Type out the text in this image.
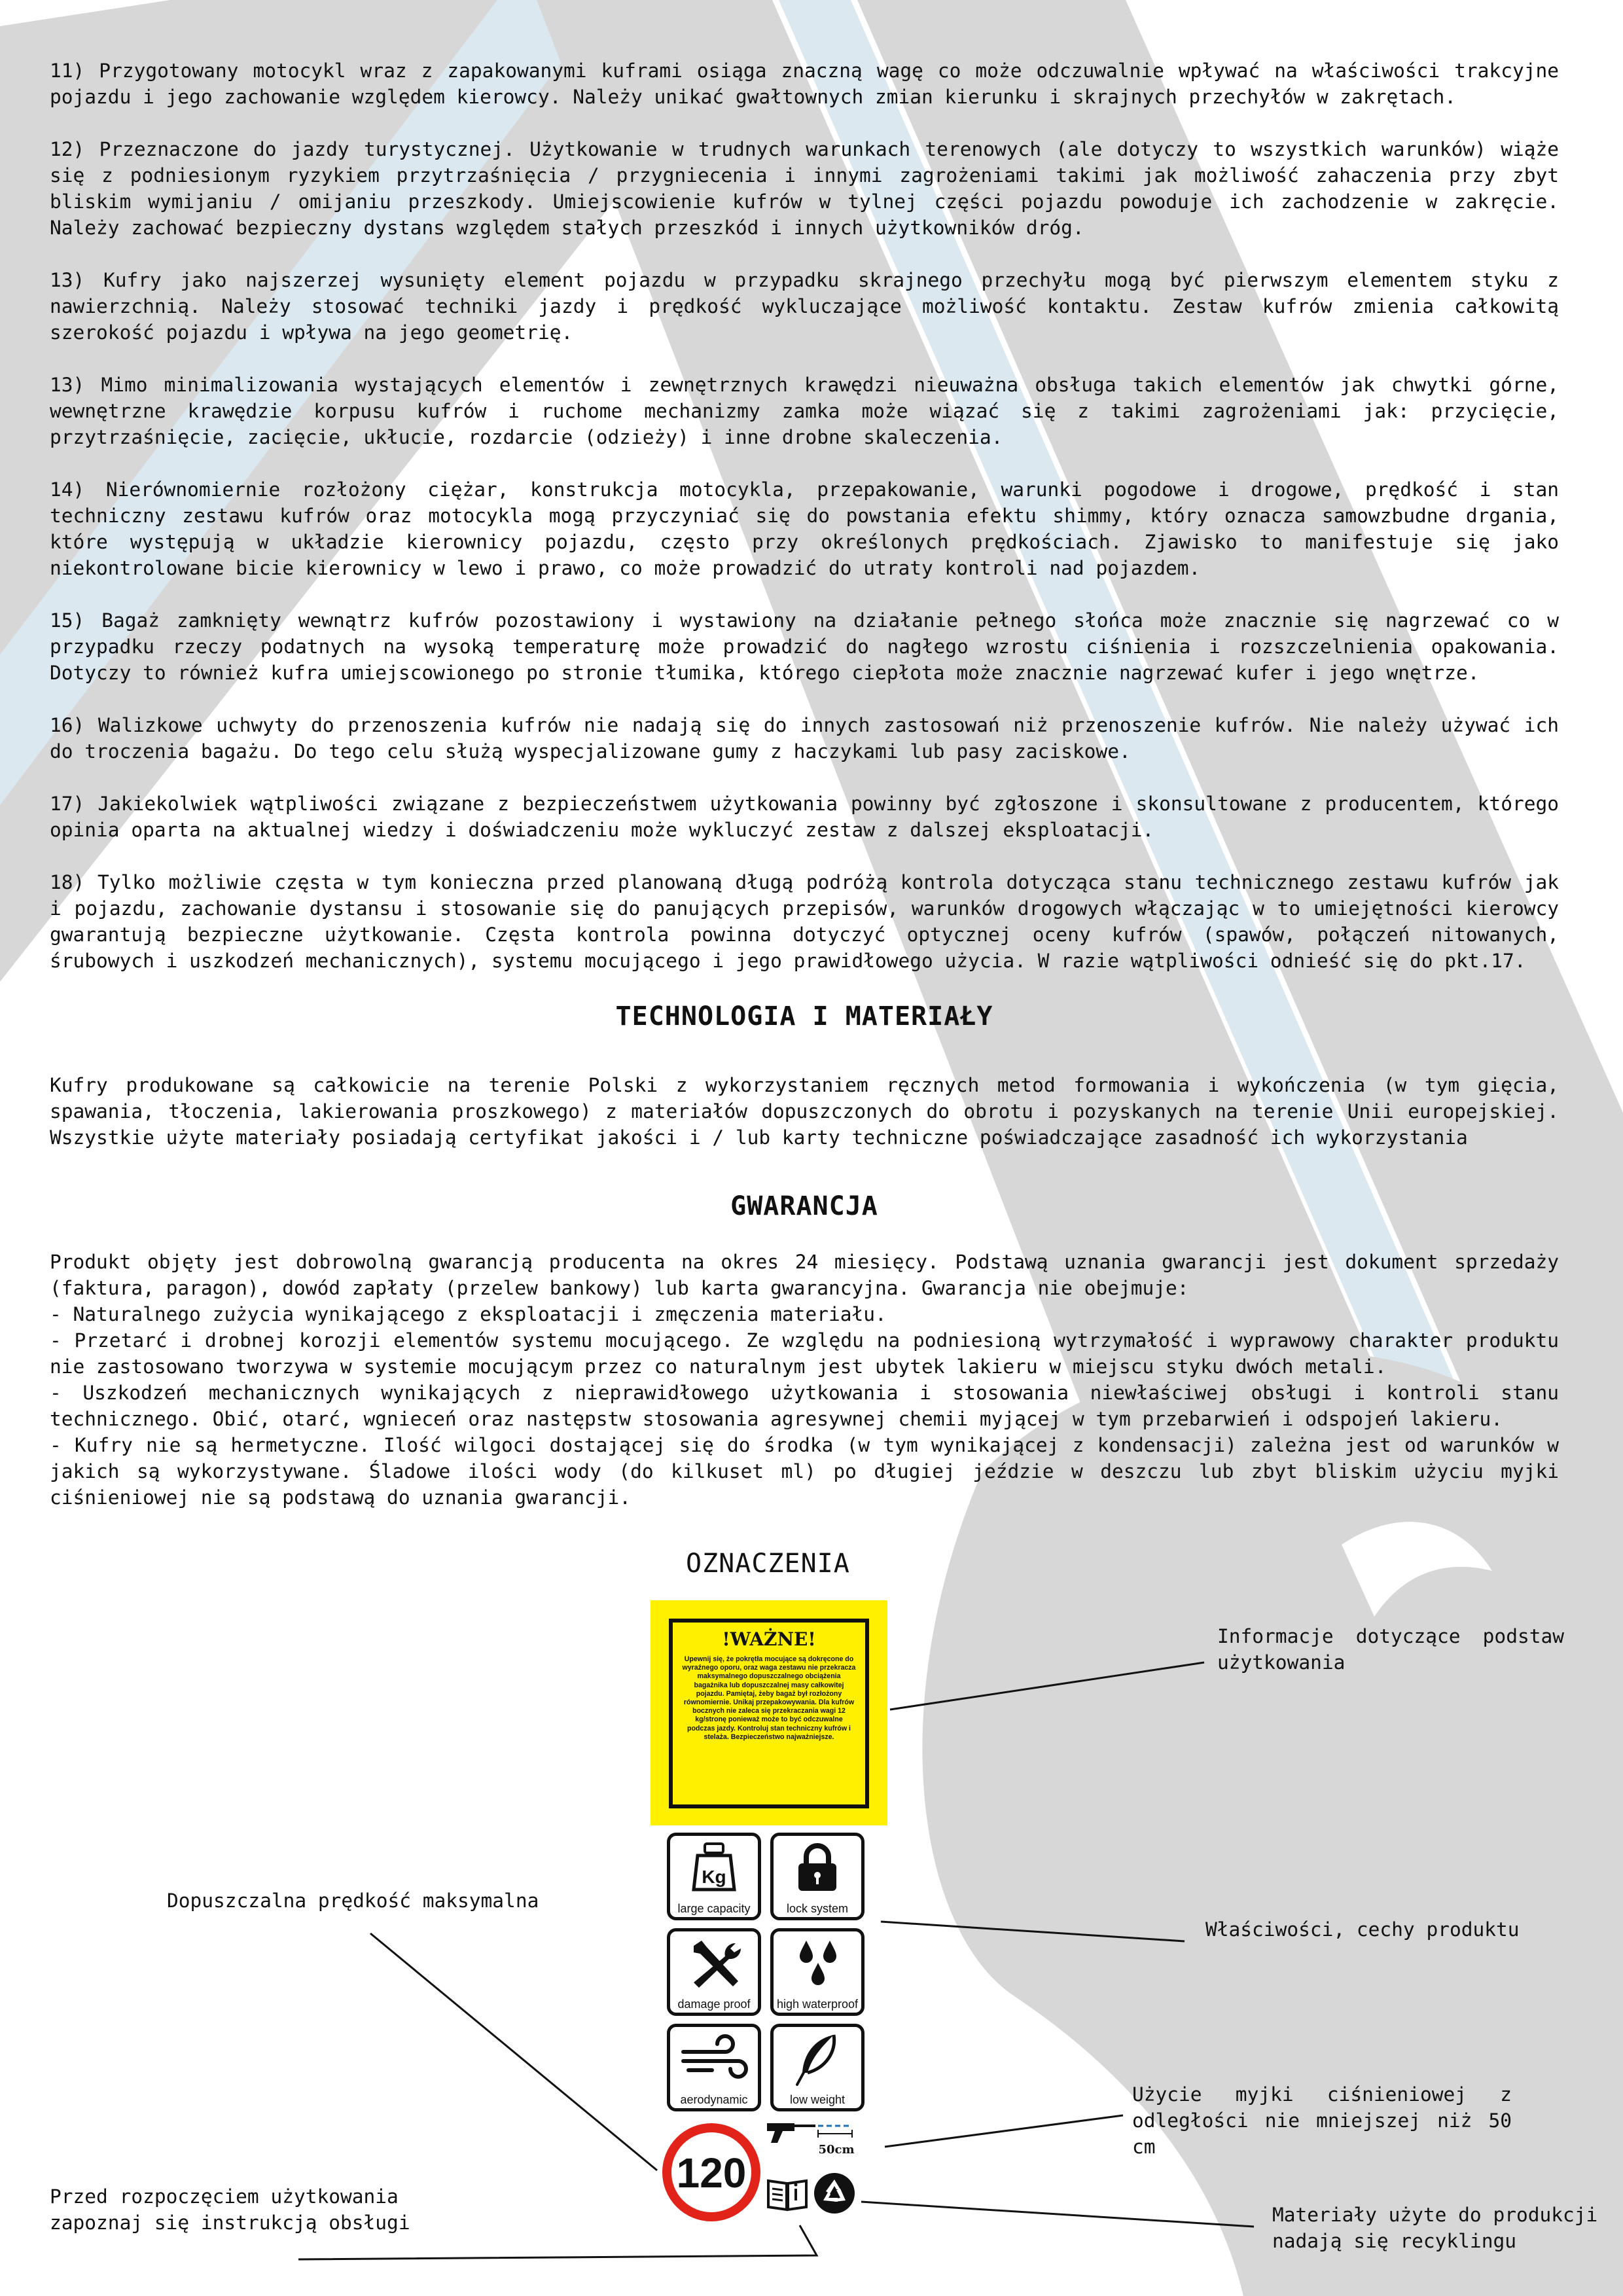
11) Przygotowany motocykl wraz z zapakowanymi kuframi osiąga znaczną wagę co może odczuwalnie wpływać na właściwości trakcyjne pojazdu i jego zachowanie względem kierowcy. Należy unikać gwałtownych zmian kierunku i skrajnych przechyłów w zakrętach.

12) Przeznaczone do jazdy turystycznej. Użytkowanie w trudnych warunkach terenowych (ale dotyczy to wszystkich warunków) wiąże się z podniesionym ryzykiem przytrzaśnięcia / przygniecenia i innymi zagrożeniami takimi jak możliwość zahaczenia przy zbyt bliskim wymijaniu / omijaniu przeszkody. Umiejscowienie kufrów w tylnej części pojazdu powoduje ich zachodzenie w zakręcie. Należy zachować bezpieczny dystans względem stałych przeszkód i innych użytkowników dróg.

13) Kufry jako najszerzej wysunięty element pojazdu w przypadku skrajnego przechyłu mogą być pierwszym elementem styku z nawierzchnią. Należy stosować techniki jazdy i prędkość wykluczające możliwość kontaktu. Zestaw kufrów zmienia całkowitą szerokość pojazdu i wpływa na jego geometrię.

13) Mimo minimalizowania wystających elementów i zewnętrznych krawędzi nieuważna obsługa takich elementów jak chwytki górne, wewnętrzne krawędzie korpusu kufrów i ruchome mechanizmy zamka może wiązać się z takimi zagrożeniami jak: przycięcie, przytrzaśnięcie, zacięcie, ukłucie, rozdarcie (odzieży) i inne drobne skaleczenia.

14) Nierównomiernie rozłożony ciężar, konstrukcja motocykla, przepakowanie, warunki pogodowe i drogowe, prędkość i stan techniczny zestawu kufrów oraz motocykla mogą przyczyniać się do powstania efektu shimmy, który oznacza samowzbudne drgania, które występują w układzie kierownicy pojazdu, często przy określonych prędkościach. Zjawisko to manifestuje się jako niekontrolowane bicie kierownicy w lewo i prawo, co może prowadzić do utraty kontroli nad pojazdem.

15) Bagaż zamknięty wewnątrz kufrów pozostawiony i wystawiony na działanie pełnego słońca może znacznie się nagrzewać co w przypadku rzeczy podatnych na wysoką temperaturę może prowadzić do nagłego wzrostu ciśnienia i rozszczelnienia opakowania. Dotyczy to również kufra umiejscowionego po stronie tłumika, którego ciepłota może znacznie nagrzewać kufer i jego wnętrze.

16) Walizkowe uchwyty do przenoszenia kufrów nie nadają się do innych zastosowań niż przenoszenie kufrów. Nie należy używać ich do troczenia bagażu. Do tego celu służą wyspecjalizowane gumy z haczykami lub pasy zaciskowe.

17) Jakiekolwiek wątpliwości związane z bezpieczeństwem użytkowania powinny być zgłoszone i skonsultowane z producentem, którego opinia oparta na aktualnej wiedzy i doświadczeniu może wykluczyć zestaw z dalszej eksploatacji.

18) Tylko możliwie częsta w tym konieczna przed planowaną długą podróżą kontrola dotycząca stanu technicznego zestawu kufrów jak i pojazdu, zachowanie dystansu i stosowanie się do panujących przepisów, warunków drogowych włączając w to umiejętności kierowcy gwarantują bezpieczne użytkowanie. Częsta kontrola powinna dotyczyć optycznej oceny kufrów (spawów, połączeń nitowanych, śrubowych i uszkodzeń mechanicznych), systemu mocującego i jego prawidłowego użycia. W razie wątpliwości odnieść się do pkt.17.

TECHNOLOGIA I MATERIAŁY

Kufry produkowane są całkowicie na terenie Polski z wykorzystaniem ręcznych metod formowania i wykończenia (w tym gięcia, spawania, tłoczenia, lakierowania proszkowego) z materiałów dopuszczonych do obrotu i pozyskanych na terenie Unii europejskiej. Wszystkie użyte materiały posiadają certyfikat jakości i / lub karty techniczne poświadczające zasadność ich wykorzystania

GWARANCJA
Produkt objęty jest dobrowolną gwarancją producenta na okres 24 miesięcy. Podstawą uznania gwarancji jest dokument sprzedaży (faktura, paragon), dowód zapłaty (przelew bankowy) lub karta gwarancyjna. Gwarancja nie obejmuje:
- Naturalnego zużycia wynikającego z eksploatacji i zmęczenia materiału.
- Przetarć i drobnej korozji elementów systemu mocującego. Ze względu na podniesioną wytrzymałość i wyprawowy charakter produktu nie zastosowano tworzywa w systemie mocującym przez co naturalnym jest ubytek lakieru w miejscu styku dwóch metali.
- Uszkodzeń mechanicznych wynikających z nieprawidłowego użytkowania i stosowania niewłaściwej obsługi i kontroli stanu technicznego. Obić, otarć, wgnieceń oraz następstw stosowania agresywnej chemii myjącej w tym przebarwień i odspojeń lakieru.
- Kufry nie są hermetyczne. Ilość wilgoci dostającej się do środka (w tym wynikającej z kondensacji) zależna jest od warunków w jakich są wykorzystywane. Śladowe ilości wody (do kilkuset ml) po długiej jeździe w deszczu lub zbyt bliskim użyciu myjki ciśnieniowej nie są podstawą do uznania gwarancji.
OZNACZENIA
!WAŻNE!
Upewnij się, że pokrętła mocujące są dokręcone do wyraźnego oporu, oraz waga zestawu nie przekracza maksymalnego dopuszczalnego obciążenia bagażnika lub dopuszczalnej masy całkowitej pojazdu. Pamiętaj, żeby bagaż był rozłożony równomiernie. Unikaj przepakowywania. Dla kufrów bocznych nie zaleca się przekraczania wagi 12 kg/stronę ponieważ może to być odczuwalne podczas jazdy. Kontroluj stan techniczny kufrów i stelaża. Bezpieczeństwo najważniejsze.
Kg
large capacity	lock system
damage proof	high waterproof
aerodynamic	low weight
120	50cm
Informacje dotyczące podstaw użytkowania
Właściwości, cechy produktu
Dopuszczalna prędkość maksymalna
Użycie myjki ciśnieniowej z odległości nie mniejszej niż 50 cm
Przed rozpoczęciem użytkowania zapoznaj się instrukcją obsługi	Materiały użyte do produkcji nadają się recyklingu
